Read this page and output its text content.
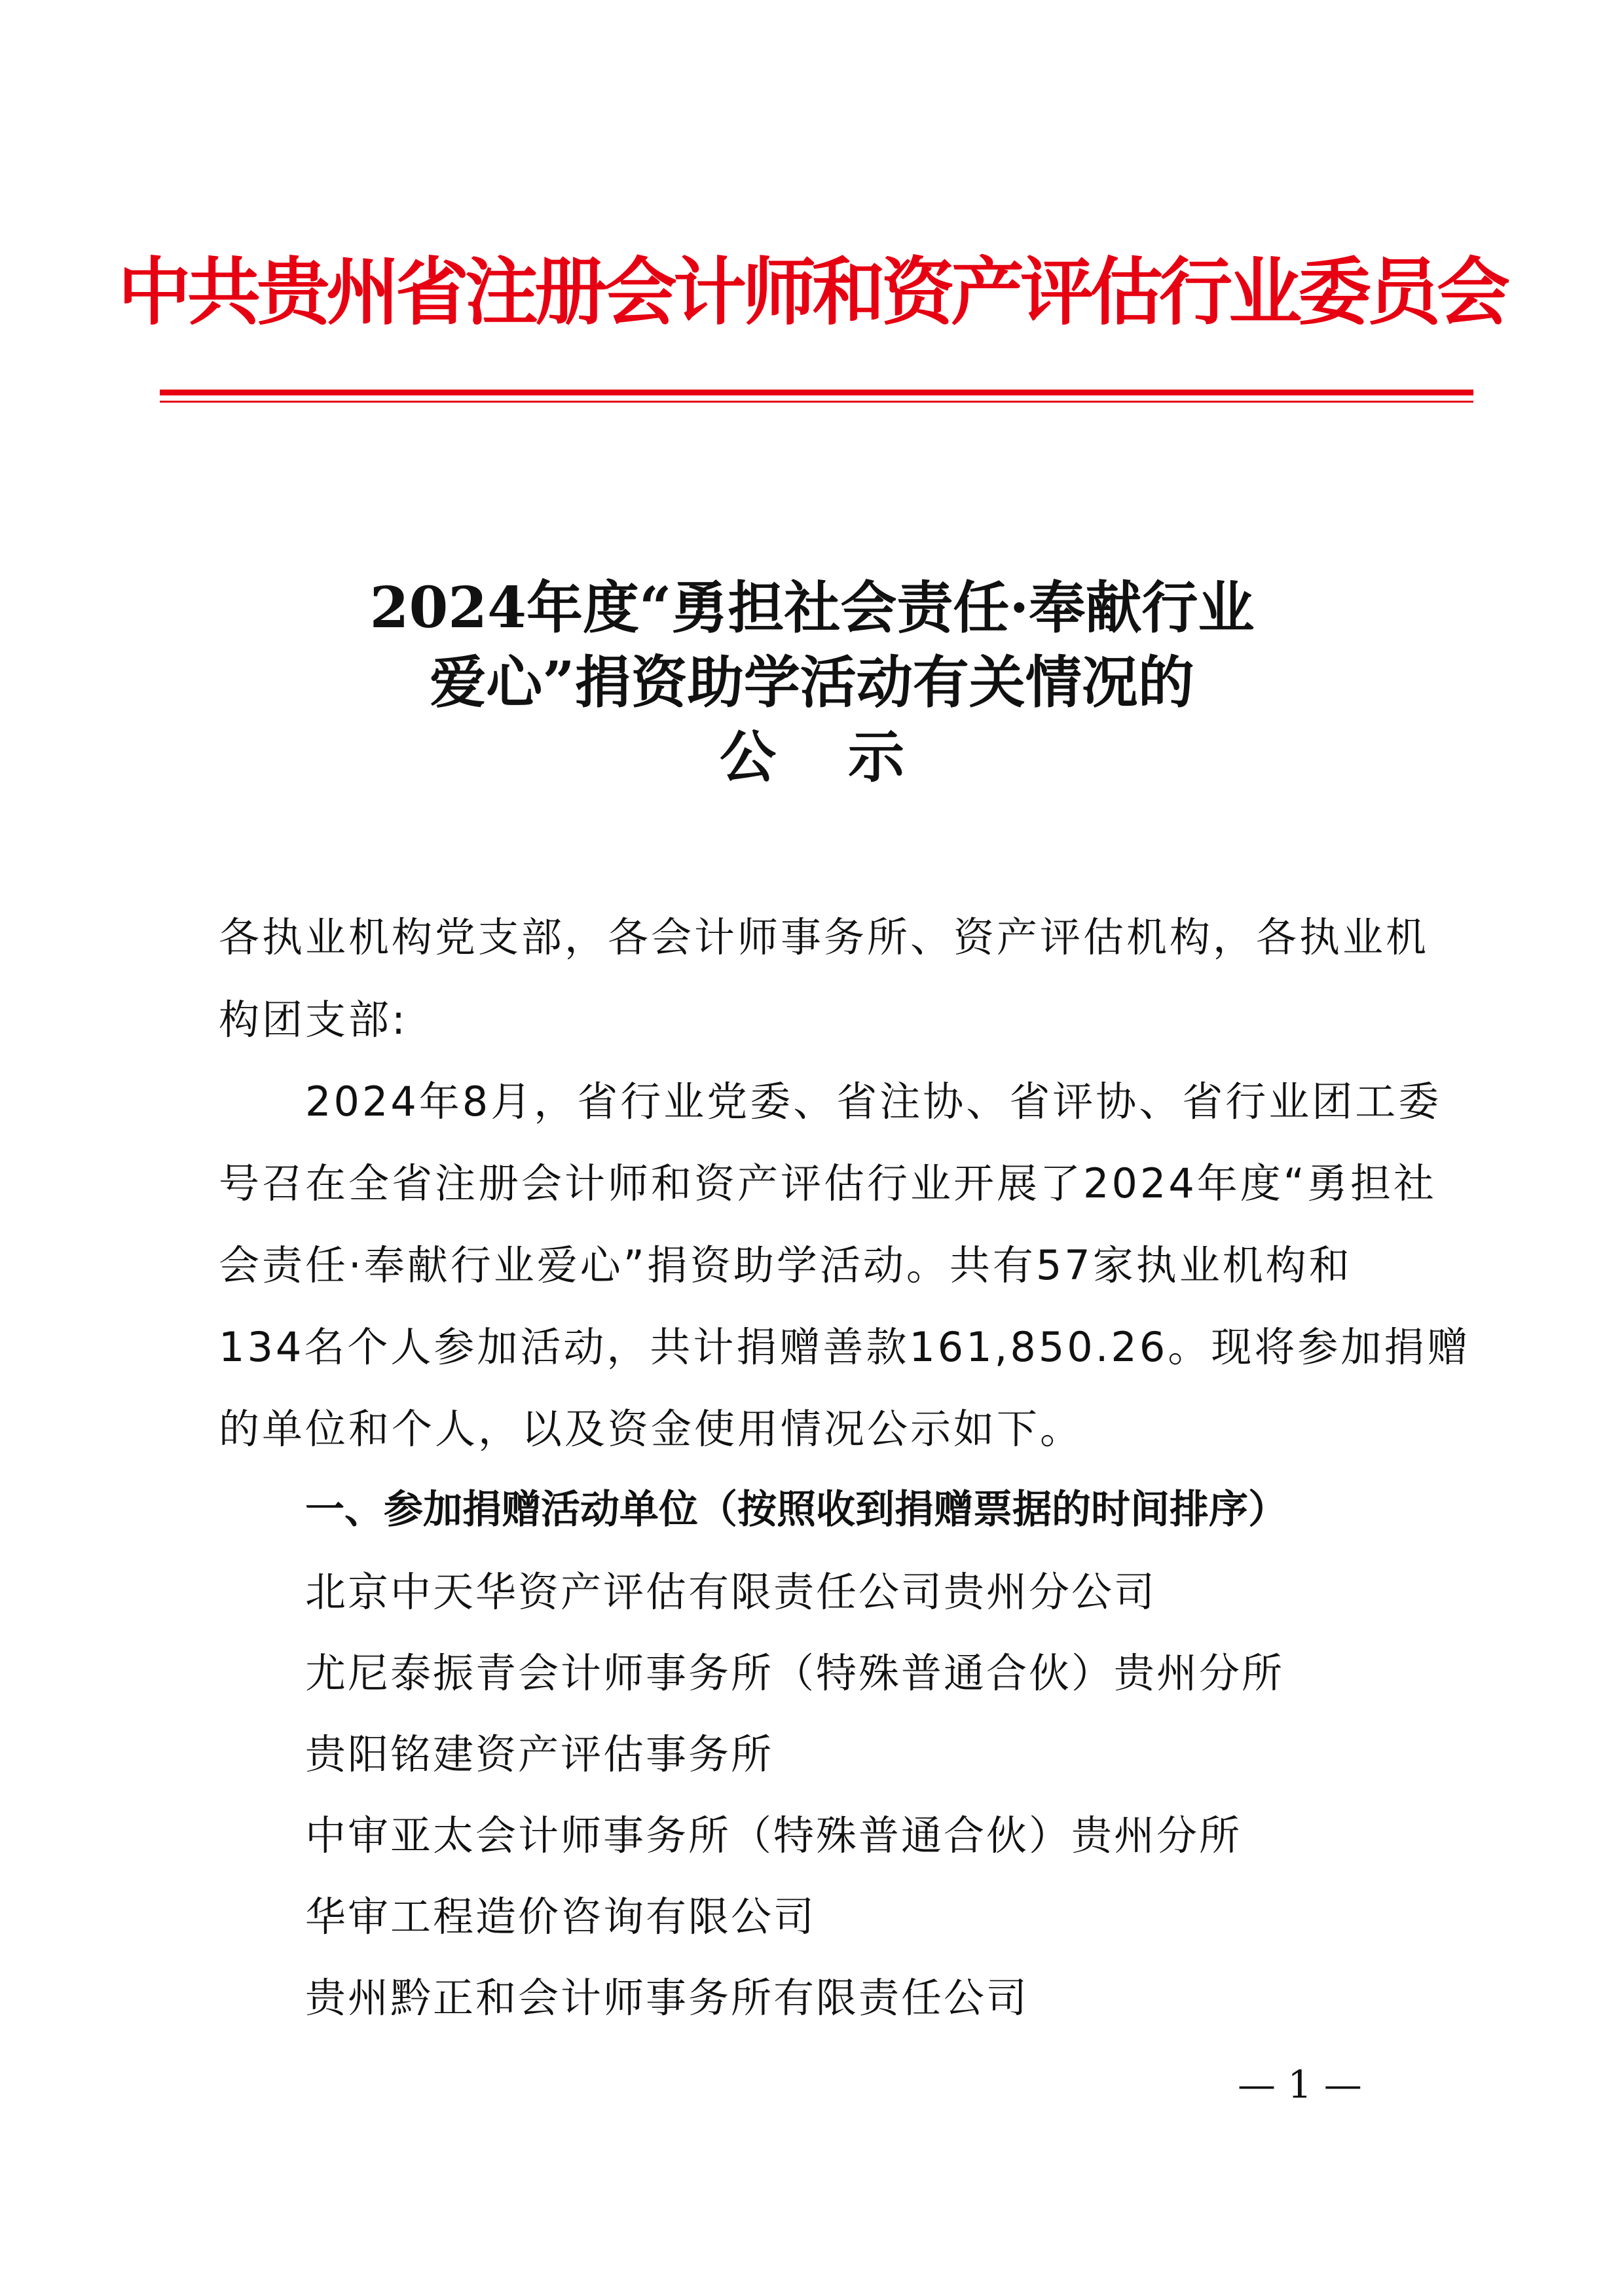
中共贵州省注册会计师和资产评估行业委员会
2024年度“勇担社会责任·奉献行业
爱心”捐资助学活动有关情况的
公示
各执业机构党支部，各会计师事务所、资产评估机构，各执业机
构团支部:
2024年8月，省行业党委、省注协、省评协、省行业团工委
号召在全省注册会计师和资产评估行业开展了2024年度“勇担社
会责任·奉献行业爱心”捐资助学活动。共有57家执业机构和
134名个人参加活动，共计捐赠善款161,850.26。现将参加捐赠
的单位和个人，以及资金使用情况公示如下。
一、参加捐赠活动单位（按照收到捐赠票据的时间排序）
北京中天华资产评估有限责任公司贵州分公司
尤尼泰振青会计师事务所（特殊普通合伙）贵州分所
贵阳铭建资产评估事务所
中审亚太会计师事务所（特殊普通合伙）贵州分所
华审工程造价咨询有限公司
贵州黔正和会计师事务所有限责任公司
— 1 —
